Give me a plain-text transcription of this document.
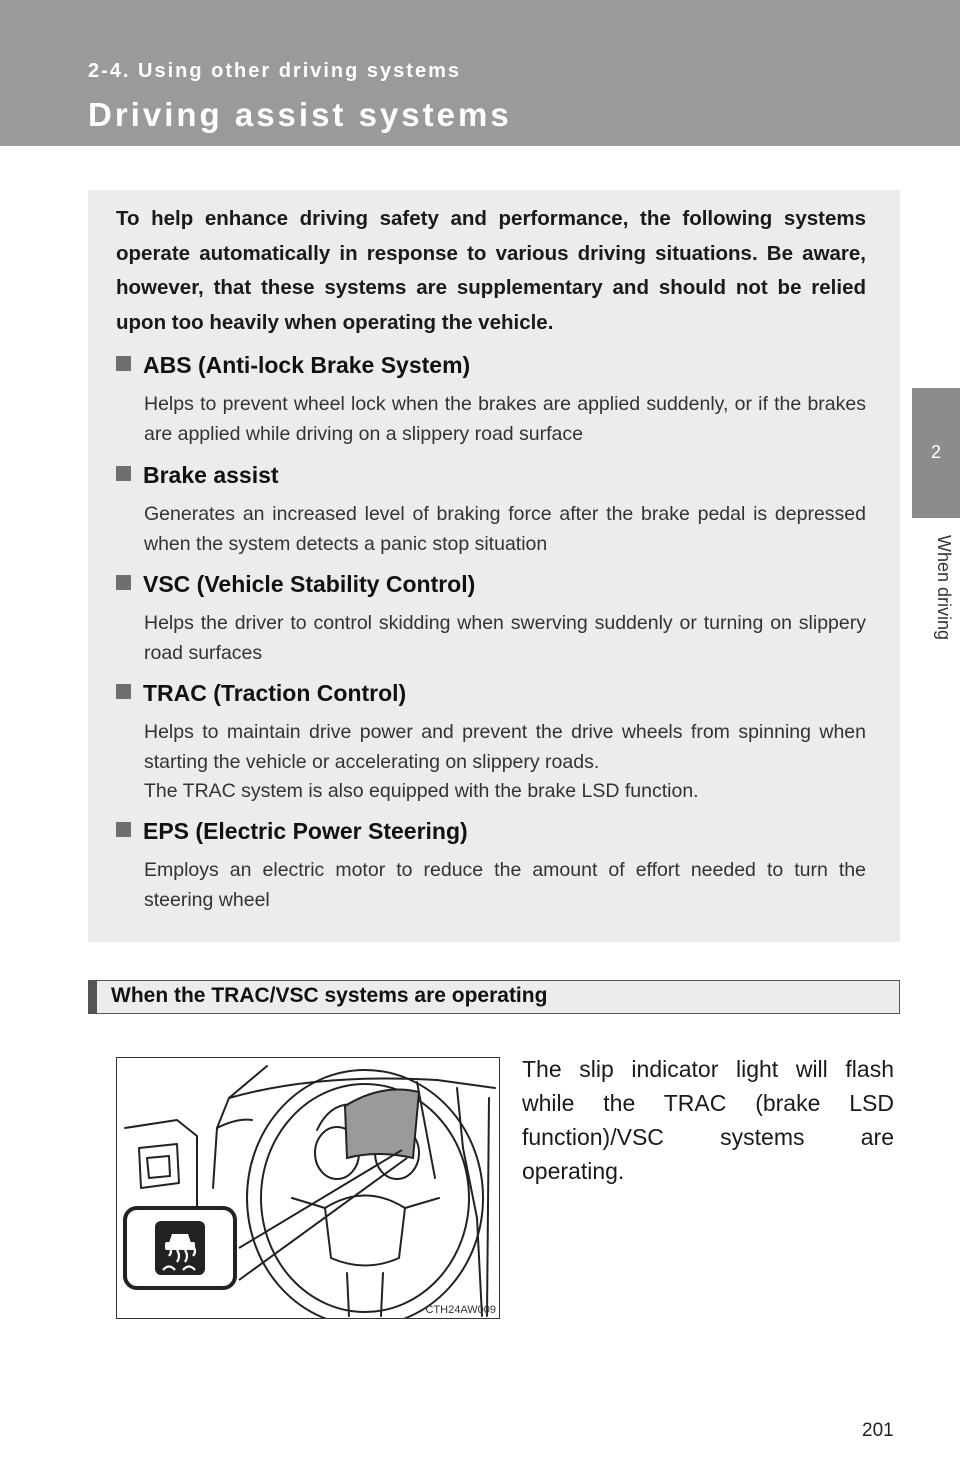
2-4. Using other driving systems
Driving assist systems
2
When driving
To help enhance driving safety and performance, the following systems operate automatically in response to various driving situations. Be aware, however, that these systems are supplementary and should not be relied upon too heavily when operating the vehicle.
ABS (Anti-lock Brake System)
Helps to prevent wheel lock when the brakes are applied suddenly, or if the brakes are applied while driving on a slippery road surface
Brake assist
Generates an increased level of braking force after the brake pedal is depressed when the system detects a panic stop situation
VSC (Vehicle Stability Control)
Helps the driver to control skidding when swerving suddenly or turning on slippery road surfaces
TRAC (Traction Control)
Helps to maintain drive power and prevent the drive wheels from spinning when starting the vehicle or accelerating on slippery roads.
The TRAC system is also equipped with the brake LSD function.
EPS (Electric Power Steering)
Employs an electric motor to reduce the amount of effort needed to turn the steering wheel
When the TRAC/VSC systems are operating
The slip indicator light will flash while the TRAC (brake LSD function)/VSC systems are operating.
CTH24AW009
201
